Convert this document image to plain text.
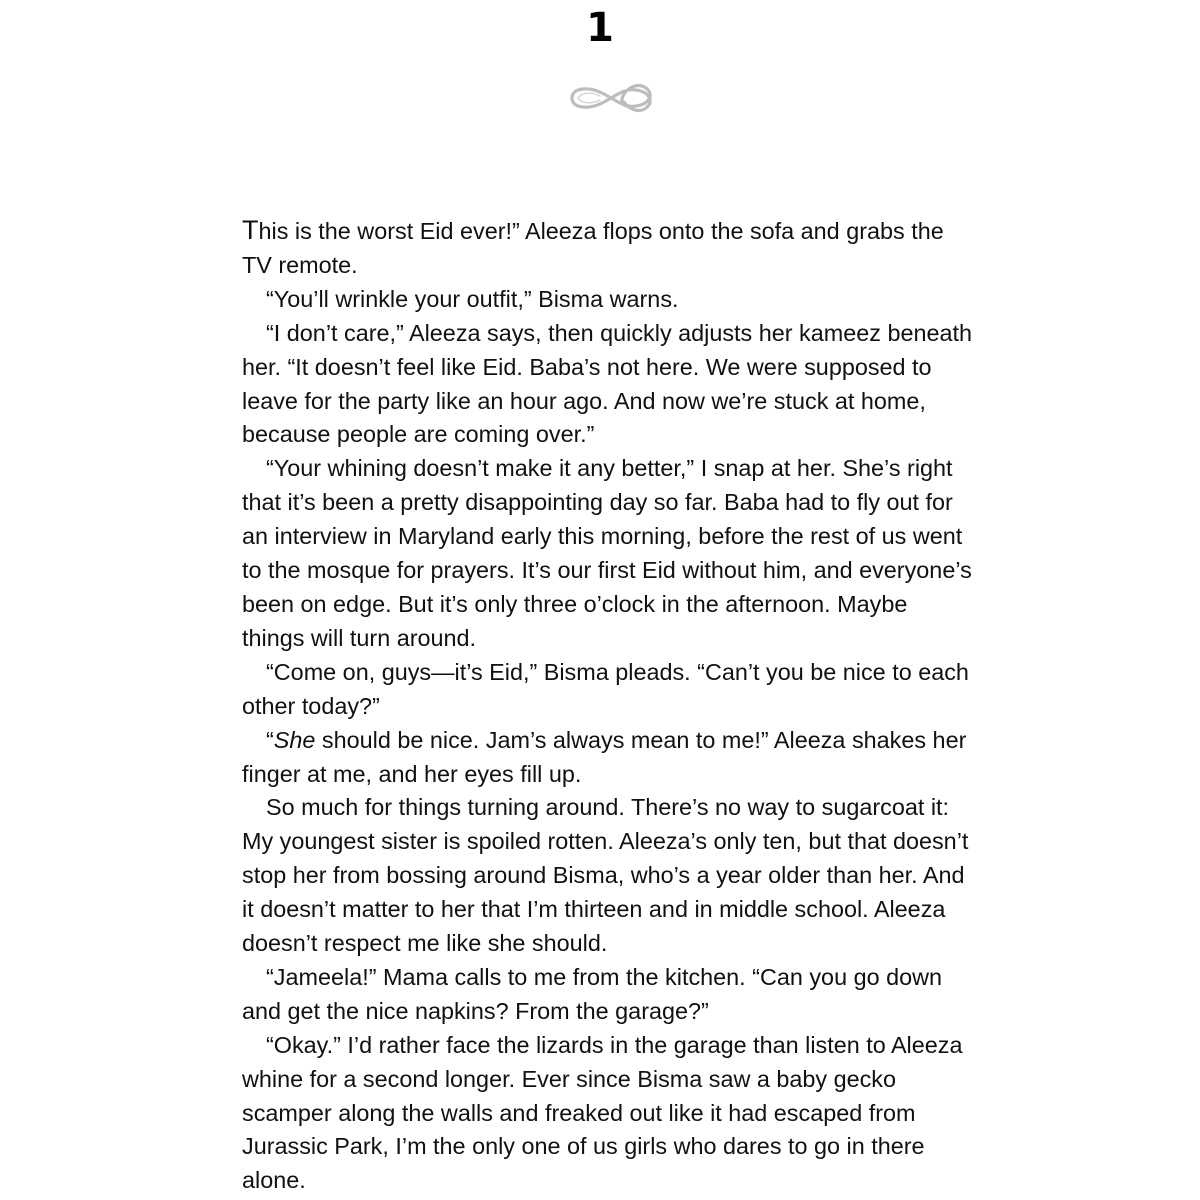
1

This is the worst Eid ever!” Aleeza flops onto the sofa and grabs the TV remote.

“You’ll wrinkle your outfit,” Bisma warns.

“I don’t care,” Aleeza says, then quickly adjusts her kameez beneath her. “It doesn’t feel like Eid. Baba’s not here. We were supposed to leave for the party like an hour ago. And now we’re stuck at home, because people are coming over.”

“Your whining doesn’t make it any better,” I snap at her. She’s right that it’s been a pretty disappointing day so far. Baba had to fly out for an interview in Maryland early this morning, before the rest of us went to the mosque for prayers. It’s our first Eid without him, and everyone’s been on edge. But it’s only three o’clock in the afternoon. Maybe things will turn around.

“Come on, guys—it’s Eid,” Bisma pleads. “Can’t you be nice to each other today?”

“She should be nice. Jam’s always mean to me!” Aleeza shakes her finger at me, and her eyes fill up.

So much for things turning around. There’s no way to sugarcoat it: My youngest sister is spoiled rotten. Aleeza’s only ten, but that doesn’t stop her from bossing around Bisma, who’s a year older than her. And it doesn’t matter to her that I’m thirteen and in middle school. Aleeza doesn’t respect me like she should.

“Jameela!” Mama calls to me from the kitchen. “Can you go down and get the nice napkins? From the garage?”

“Okay.” I’d rather face the lizards in the garage than listen to Aleeza whine for a second longer. Ever since Bisma saw a baby gecko scamper along the walls and freaked out like it had escaped from Jurassic Park, I’m the only one of us girls who dares to go in there alone.
